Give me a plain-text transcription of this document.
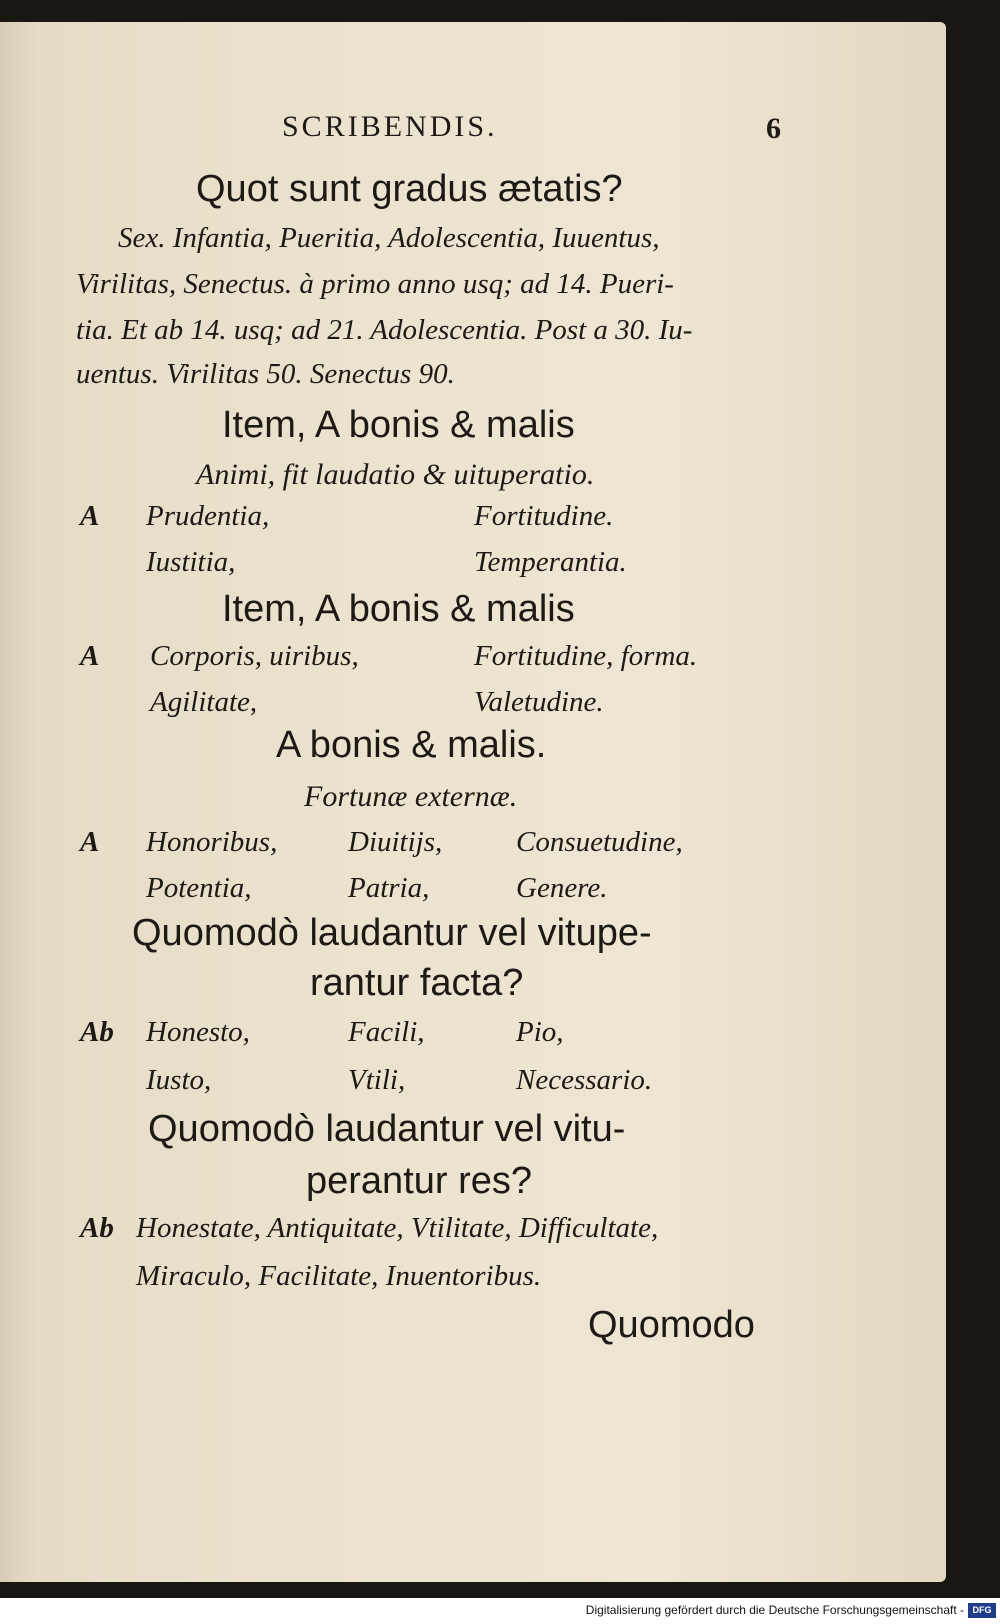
SCRIBENDIS.	6
Quot sunt gradus ætatis?
Sex. Infantia, Pueritia, Adolescentia, Iuuentus,
Virilitas, Senectus. à primo anno usq; ad 14. Pueri-
tia. Et ab 14. usq; ad 21. Adolescentia. Post a 30. Iu-
uentus. Virilitas 50. Senectus 90.
Item, A bonis & malis
Animi, fit laudatio & uituperatio.
A Prudentia,	Fortitudine.
Iustitia,	Temperantia.
Item, A bonis & malis
A Corporis, uiribus,	Fortitudine, forma.
Agilitate,	Valetudine.
A bonis & malis.
Fortunæ externæ.
A Honoribus, Diuitijs,	Consuetudine,
Potentia,	Patria,	Genere.
Quomodò laudantur vel vitupe-
rantur facta?
Ab Honesto,	Facili,	Pio,
Iusto,	Vtili,	Necessario.
Quomodò laudantur vel vitu-
perantur res?
Ab Honestate, Antiquitate, Vtilitate, Difficultate,
Miraculo, Facilitate, Inuentoribus.
Quomodo
Digitalisierung gefördert durch die Deutsche Forschungsgemeinschaft - DFG
